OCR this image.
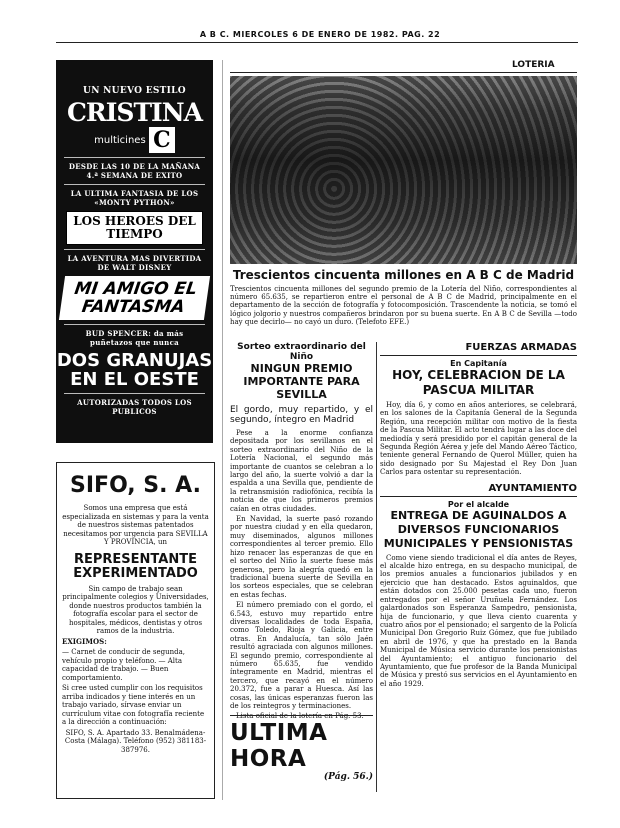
A B C. MIERCOLES 6 DE ENERO DE 1982. PAG. 22
UN NUEVO ESTILO
CRISTINA
multicines C
DESDE LAS 10 DE LA MAÑANA
4.ª SEMANA DE EXITO
LA ULTIMA FANTASIA DE LOS «MONTY PYTHON»
LOS HEROES DEL TIEMPO
LA AVENTURA MAS DIVERTIDA DE WALT DISNEY
MI AMIGO EL FANTASMA
BUD SPENCER: da más puñetazos que nunca
DOS GRANUJAS EN EL OESTE
AUTORIZADAS TODOS LOS PUBLICOS
SIFO, S. A.

Somos una empresa que está especializada en sistemas y para la venta de nuestros sistemas patentados necesitamos por urgencia para SEVILLA Y PROVINCIA, un

REPRESENTANTE EXPERIMENTADO

Sin campo de trabajo sean principalmente colegios y Universidades, donde nuestros productos también la fotografía escolar para el sector de hospitales, médicos, dentistas y otros ramos de la industria.

EXIGIMOS:

— Carnet de conducir de segunda, vehículo propio y teléfono. — Alta capacidad de trabajo. — Buen comportamiento.

Si cree usted cumplir con los requisitos arriba indicados y tiene interés en un trabajo variado, sírvase enviar un currículum vitae con fotografía reciente a la dirección a continuación:

SIFO, S. A. Apartado 33. Benalmádena-Costa (Málaga). Teléfono (952) 381183-387976.

LOTERIA
Trescientos cincuenta millones en A B C de Madrid
Trescientos cincuenta millones del segundo premio de la Lotería del Niño, correspondientes al número 65.635, se repartieron entre el personal de A B C de Madrid, principalmente en el departamento de la sección de fotografía y fotocomposición. Trascendente la noticia, se tomó el lógico jolgorio y nuestros compañeros brindaron por su buena suerte. En A B C de Sevilla —todo hay que decirlo— no cayó un duro. (Telefoto EFE.)
Sorteo extraordinario del Niño
NINGUN PREMIO IMPORTANTE PARA SEVILLA
El gordo, muy repartido, y el segundo, íntegro en Madrid

Pese a la enorme confianza depositada por los sevillanos en el sorteo extraordinario del Niño de la Lotería Nacional, el segundo más importante de cuantos se celebran a lo largo del año, la suerte volvió a dar la espalda a una Sevilla que, pendiente de la retransmisión radiofónica, recibía la noticia de que los primeros premios caían en otras ciudades.

En Navidad, la suerte pasó rozando por nuestra ciudad y en ella quedaron, muy diseminados, algunos millones correspondientes al tercer premio. Ello hizo renacer las esperanzas de que en el sorteo del Niño la suerte fuese más generosa, pero la alegría quedó en la tradicional buena suerte de Sevilla en los sorteos especiales, que se celebran en estas fechas.

El número premiado con el gordo, el 6.543, estuvo muy repartido entre diversas localidades de toda España, como Toledo, Rioja y Galicia, entre otras. En Andalucía, tan sólo Jaén resultó agraciada con algunos millones. El segundo premio, correspondiente al número 65.635, fue vendido íntegramente en Madrid, mientras el tercero, que recayó en el número 20.372, fue a parar a Huesca. Así las cosas, las únicas esperanzas fueron las de los reintegros y terminaciones.

Lista oficial de la lotería en Pág. 53.

ULTIMA HORA
(Pág. 56.)
FUERZAS ARMADAS
En Capitanía
HOY, CELEBRACION DE LA PASCUA MILITAR

Hoy, día 6, y como en años anteriores, se celebrará, en los salones de la Capitanía General de la Segunda Región, una recepción militar con motivo de la fiesta de la Pascua Militar. El acto tendrá lugar a las doce del mediodía y será presidido por el capitán general de la Segunda Región Aérea y jefe del Mando Aéreo Táctico, teniente general Fernando de Querol Müller, quien ha sido designado por Su Majestad el Rey Don Juan Carlos para ostentar su representación.

AYUNTAMIENTO
Por el alcalde
ENTREGA DE AGUINALDOS A DIVERSOS FUNCIONARIOS MUNICIPALES Y PENSIONISTAS

Como viene siendo tradicional el día antes de Reyes, el alcalde hizo entrega, en su despacho municipal, de los premios anuales a funcionarios jubilados y en ejercicio que han destacado. Estos aguinaldos, que están dotados con 25.000 pesetas cada uno, fueron entregados por el señor Uruñuela Fernández. Los galardonados son Esperanza Sampedro, pensionista, hija de funcionario, y que lleva ciento cuarenta y cuatro años por el pensionado; el sargento de la Policía Municipal Don Gregorio Ruiz Gómez, que fue jubilado en abril de 1976, y que ha prestado en la Banda Municipal de Música servicio durante los pensionistas del Ayuntamiento; el antiguo funcionario del Ayuntamiento, que fue profesor de la Banda Municipal de Música y prestó sus servicios en el Ayuntamiento en el año 1929.
